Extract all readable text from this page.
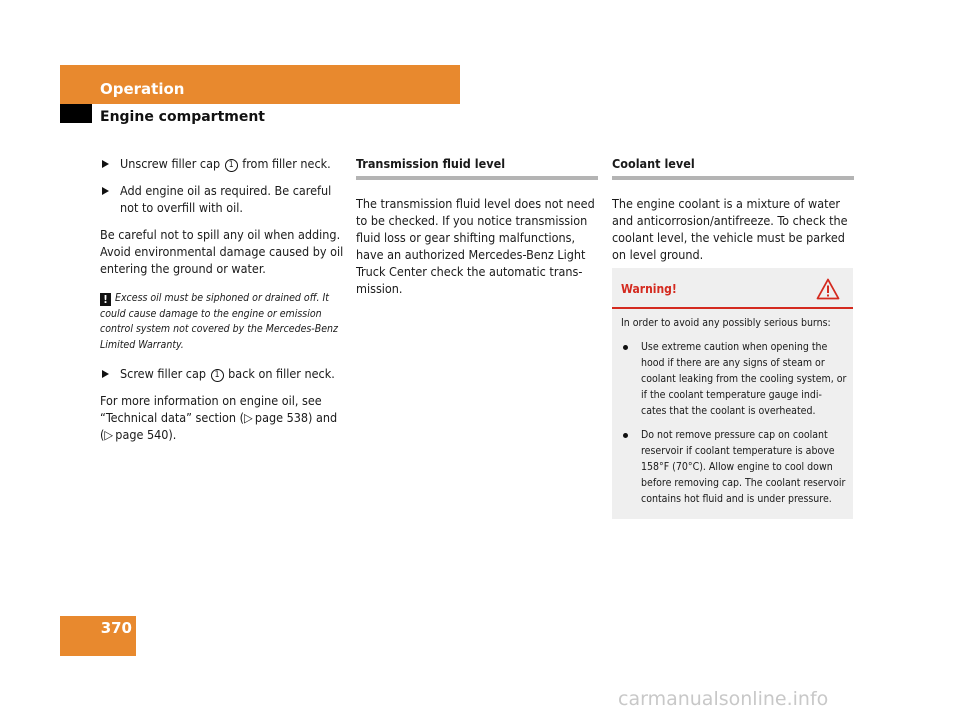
Operation
Engine compartment
Unscrew filler cap 1 from filler neck.
Add engine oil as required. Be careful not to overfill with oil.

Be careful not to spill any oil when adding. Avoid environmental damage caused by oil entering the ground or water.

! Excess oil must be siphoned or drained off. It could cause damage to the engine or emission control system not covered by the Mercedes-Benz Limited Warranty.
Screw filler cap 1 back on filler neck.

For more information on engine oil, see “Technical data” section (▷  page 538) and (▷  page 540).

Transmission fluid level

The transmission fluid level does not need to be checked. If you notice transmission fluid loss or gear shifting malfunctions, have an authorized Mercedes-Benz Light Truck Center check the automatic trans-mission.

Coolant level

The engine coolant is a mixture of water and anticorrosion/antifreeze. To check the coolant level, the vehicle must be parked on level ground.

Warning!

In order to avoid any possibly serious burns:

Use extreme caution when opening the hood if there are any signs of steam or coolant leaking from the cooling system, or if the coolant temperature gauge indi-cates that the coolant is overheated.
Do not remove pressure cap on coolant reservoir if coolant temperature is above 158°F (70°C). Allow engine to cool down before removing cap. The coolant reservoir contains hot fluid and is under pressure.
370
carmanualsonline.info
